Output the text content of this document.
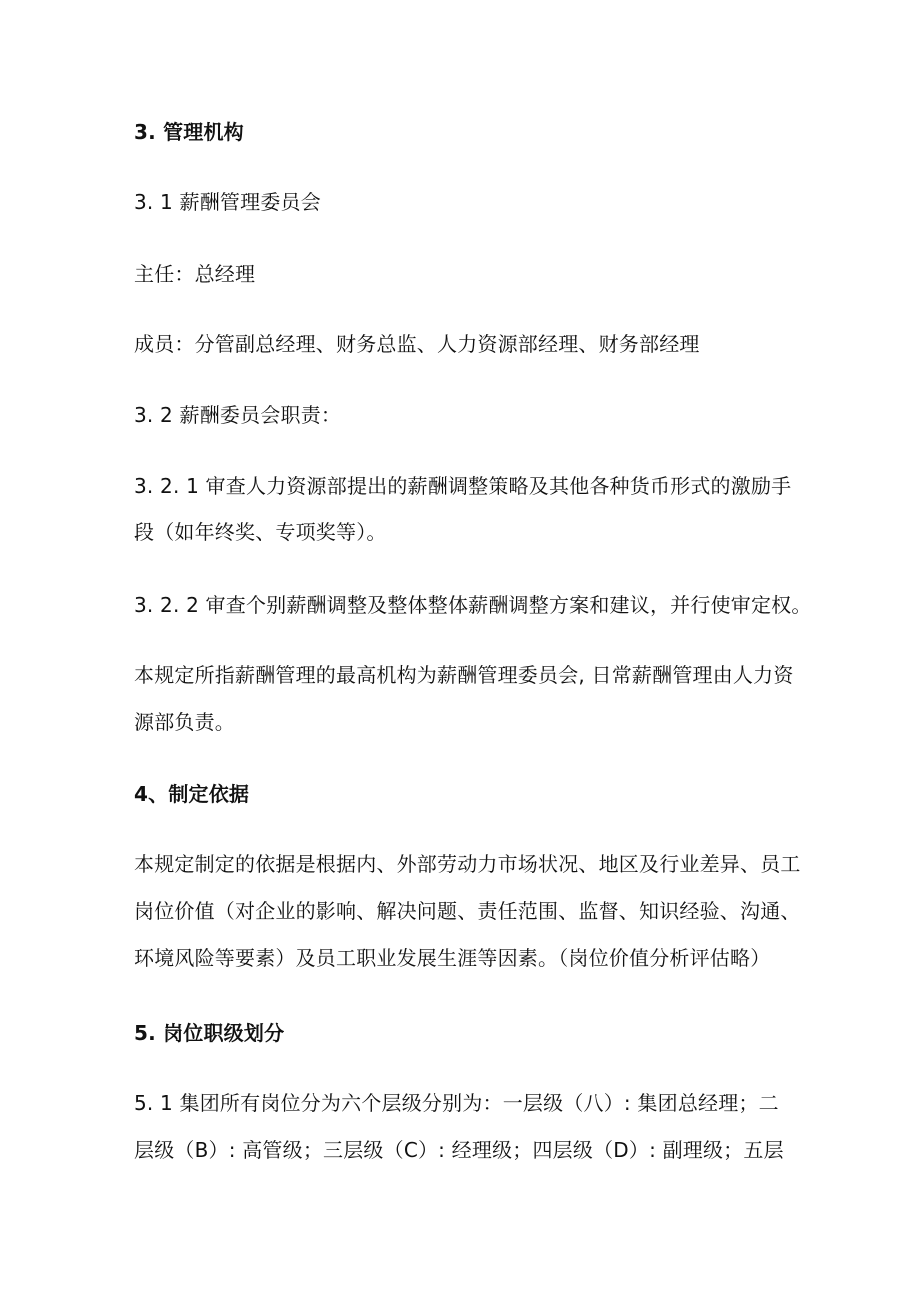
3. 管理机构
3. 1 薪酬管理委员会
主任：总经理
成员：分管副总经理、财务总监、人力资源部经理、财务部经理
3. 2 薪酬委员会职责：
3. 2. 1 审查人力资源部提出的薪酬调整策略及其他各种货币形式的激励手
段（如年终奖、专项奖等）。
3. 2. 2 审查个别薪酬调整及整体整体薪酬调整方案和建议，并行使审定权。
本规定所指薪酬管理的最高机构为薪酬管理委员会, 日常薪酬管理由人力资
源部负责。
4、制定依据
本规定制定的依据是根据内、外部劳动力市场状况、地区及行业差异、员工
岗位价值（对企业的影响、解决问题、责任范围、监督、知识经验、沟通、
环境风险等要素）及员工职业发展生涯等因素。（岗位价值分析评估略）
5. 岗位职级划分
5. 1 集团所有岗位分为六个层级分别为：一层级（八）: 集团总经理；二
层级（B）: 高管级；三层级（C）: 经理级；四层级（D）: 副理级；五层
